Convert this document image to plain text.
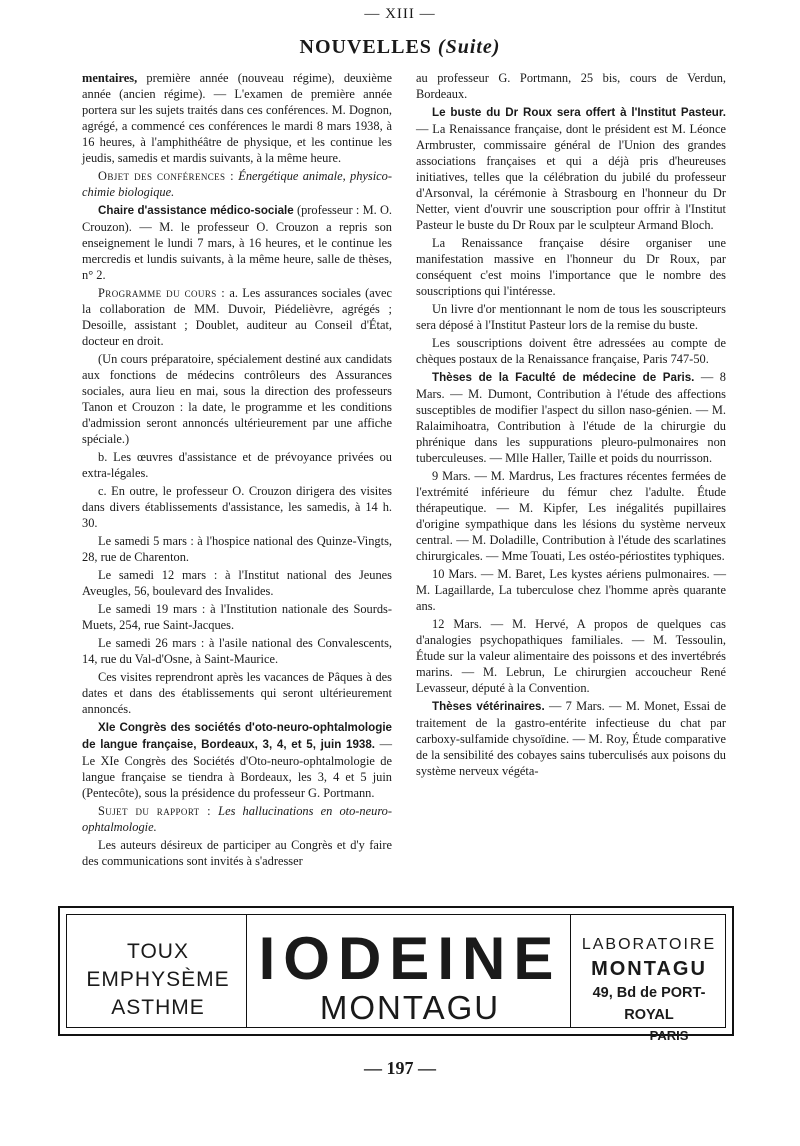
— XIII —
NOUVELLES (Suite)

mentaires, première année (nouveau régime), deuxième année (ancien régime). — L'examen de première année portera sur les sujets traités dans ces conférences. M. Dognon, agrégé, a commencé ces conférences le mardi 8 mars 1938, à 16 heures, à l'amphithéâtre de physique, et les continue les jeudis, samedis et mardis suivants, à la même heure.

Objet des conférences : Énergétique animale, physico-chimie biologique.

Chaire d'assistance médico-sociale (professeur : M. O. Crouzon). — M. le professeur O. Crouzon a repris son enseignement le lundi 7 mars, à 16 heures, et le continue les mercredis et lundis suivants, à la même heure, salle de thèses, n° 2.

Programme du cours : a. Les assurances sociales (avec la collaboration de MM. Duvoir, Piédelièvre, agrégés ; Desoille, assistant ; Doublet, auditeur au Conseil d'État, docteur en droit.

(Un cours préparatoire, spécialement destiné aux candidats aux fonctions de médecins contrôleurs des Assurances sociales, aura lieu en mai, sous la direction des professeurs Tanon et Crouzon : la date, le programme et les conditions d'admission seront annoncés ultérieurement par une affiche spéciale.)

b. Les œuvres d'assistance et de prévoyance privées ou extra-légales.

c. En outre, le professeur O. Crouzon dirigera des visites dans divers établissements d'assistance, les samedis, à 14 h. 30.

Le samedi 5 mars : à l'hospice national des Quinze-Vingts, 28, rue de Charenton.

Le samedi 12 mars : à l'Institut national des Jeunes Aveugles, 56, boulevard des Invalides.

Le samedi 19 mars : à l'Institution nationale des Sourds-Muets, 254, rue Saint-Jacques.

Le samedi 26 mars : à l'asile national des Convalescents, 14, rue du Val-d'Osne, à Saint-Maurice.

Ces visites reprendront après les vacances de Pâques à des dates et dans des établissements qui seront ultérieurement annoncés.

XIe Congrès des sociétés d'oto-neuro-ophtalmologie de langue française, Bordeaux, 3, 4, et 5, juin 1938. — Le XIe Congrès des Sociétés d'Oto-neuro-ophtalmologie de langue française se tiendra à Bordeaux, les 3, 4 et 5 juin (Pentecôte), sous la présidence du professeur G. Portmann.

Sujet du rapport : Les hallucinations en oto-neuro-ophtalmologie.

Les auteurs désireux de participer au Congrès et d'y faire des communications sont invités à s'adresser

au professeur G. Portmann, 25 bis, cours de Verdun, Bordeaux.

Le buste du Dr Roux sera offert à l'Institut Pasteur. — La Renaissance française, dont le président est M. Léonce Armbruster, commissaire général de l'Union des grandes associations françaises et qui a déjà pris d'heureuses initiatives, telles que la célébration du jubilé du professeur d'Arsonval, la cérémonie à Strasbourg en l'honneur du Dr Netter, vient d'ouvrir une souscription pour offrir à l'Institut Pasteur le buste du Dr Roux par le sculpteur Armand Bloch.

La Renaissance française désire organiser une manifestation massive en l'honneur du Dr Roux, par conséquent c'est moins l'importance que le nombre des souscriptions qui l'intéresse.

Un livre d'or mentionnant le nom de tous les souscripteurs sera déposé à l'Institut Pasteur lors de la remise du buste.

Les souscriptions doivent être adressées au compte de chèques postaux de la Renaissance française, Paris 747-50.

Thèses de la Faculté de médecine de Paris. — 8 Mars. — M. Dumont, Contribution à l'étude des affections susceptibles de modifier l'aspect du sillon naso-génien. — M. Ralaimihoatra, Contribution à l'étude de la chirurgie du phrénique dans les suppurations pleuro-pulmonaires non tuberculeuses. — Mlle Haller, Taille et poids du nourrisson.

9 Mars. — M. Mardrus, Les fractures récentes fermées de l'extrémité inférieure du fémur chez l'adulte. Étude thérapeutique. — M. Kipfer, Les inégalités pupillaires d'origine sympathique dans les lésions du système nerveux central. — M. Doladille, Contribution à l'étude des scarlatines chirurgicales. — Mme Touati, Les ostéo-périostites typhiques.

10 Mars. — M. Baret, Les kystes aériens pulmonaires. — M. Lagaillarde, La tuberculose chez l'homme après quarante ans.

12 Mars. — M. Hervé, A propos de quelques cas d'analogies psychopathiques familiales. — M. Tessoulin, Étude sur la valeur alimentaire des poissons et des invertébrés marins. — M. Lebrun, Le chirurgien accoucheur René Levasseur, député à la Convention.

Thèses vétérinaires. — 7 Mars. — M. Monet, Essai de traitement de la gastro-entérite infectieuse du chat par carboxy-sulfamide chysoïdine. — M. Roy, Étude comparative de la sensibilité des cobayes sains tuberculisés aux poisons du système nerveux végéta-

TOUX
EMPHYSÈME
ASTHME
IODEINE
MONTAGU
LABORATOIRE
MONTAGU
49, Bd de PORT-ROYAL
PARIS
— 197 —
